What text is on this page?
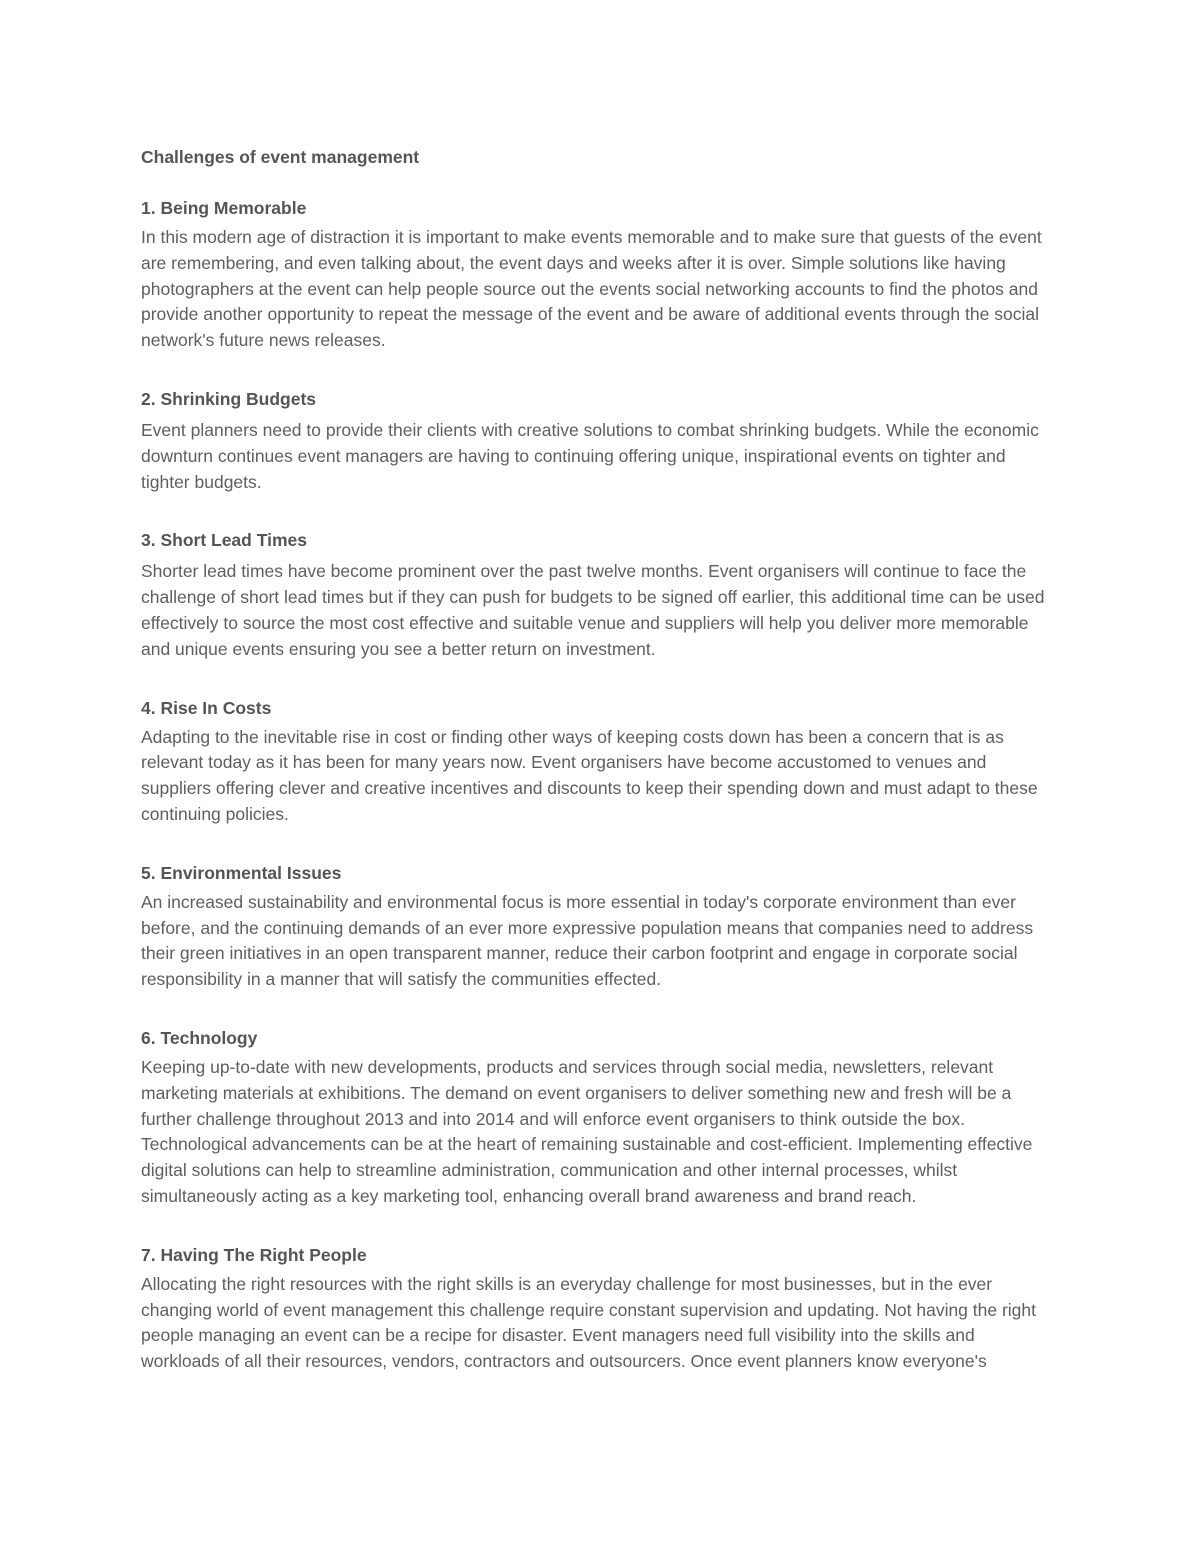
Challenges of event management
1. Being Memorable

In this modern age of distraction it is important to make events memorable and to make sure that guests of the event are remembering, and even talking about, the event days and weeks after it is over. Simple solutions like having photographers at the event can help people source out the events social networking accounts to find the photos and provide another opportunity to repeat the message of the event and be aware of additional events through the social network's future news releases.

2. Shrinking Budgets

Event planners need to provide their clients with creative solutions to combat shrinking budgets. While the economic downturn continues event managers are having to continuing offering unique, inspirational events on tighter and tighter budgets.

3. Short Lead Times

Shorter lead times have become prominent over the past twelve months. Event organisers will continue to face the challenge of short lead times but if they can push for budgets to be signed off earlier, this additional time can be used effectively to source the most cost effective and suitable venue and suppliers will help you deliver more memorable and unique events ensuring you see a better return on investment.

4. Rise In Costs

Adapting to the inevitable rise in cost or finding other ways of keeping costs down has been a concern that is as relevant today as it has been for many years now. Event organisers have become accustomed to venues and suppliers offering clever and creative incentives and discounts to keep their spending down and must adapt to these continuing policies.

5. Environmental Issues

An increased sustainability and environmental focus is more essential in today's corporate environment than ever before, and the continuing demands of an ever more expressive population means that companies need to address their green initiatives in an open transparent manner, reduce their carbon footprint and engage in corporate social responsibility in a manner that will satisfy the communities effected.

6. Technology

Keeping up-to-date with new developments, products and services through social media, newsletters, relevant marketing materials at exhibitions. The demand on event organisers to deliver something new and fresh will be a further challenge throughout 2013 and into 2014 and will enforce event organisers to think outside the box. Technological advancements can be at the heart of remaining sustainable and cost-efficient. Implementing effective digital solutions can help to streamline administration, communication and other internal processes, whilst simultaneously acting as a key marketing tool, enhancing overall brand awareness and brand reach.

7. Having The Right People

Allocating the right resources with the right skills is an everyday challenge for most businesses, but in the ever changing world of event management this challenge require constant supervision and updating. Not having the right people managing an event can be a recipe for disaster. Event managers need full visibility into the skills and workloads of all their resources, vendors, contractors and outsourcers. Once event planners know everyone's
